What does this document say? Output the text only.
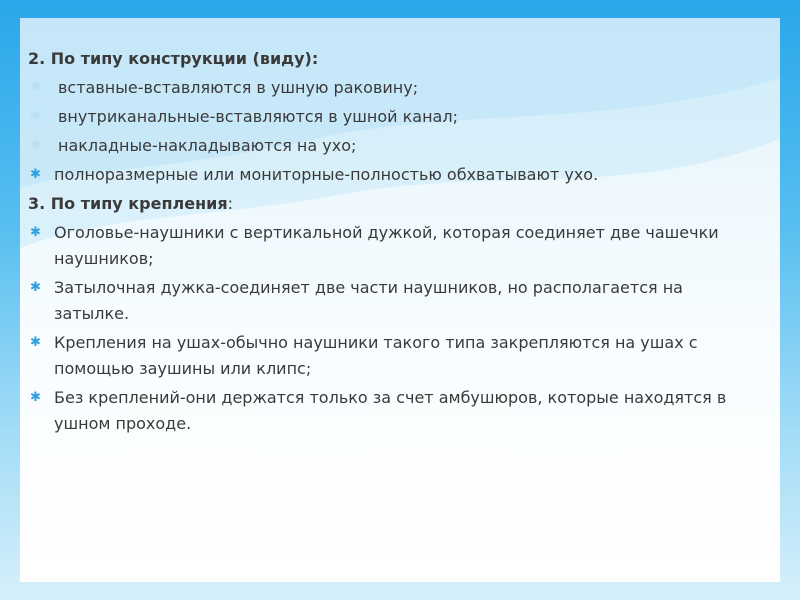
2. По типу конструкции (виду):
✱ вставные-вставляются в ушную раковину;
✱ внутриканальные-вставляются в ушной канал;
✱ накладные-накладываются на ухо;
✱ полноразмерные или мониторные-полностью обхватывают ухо.
3. По типу крепления:
✱ Оголовье-наушники с вертикальной дужкой, которая соединяет две чашечки наушников;
✱ Затылочная дужка-соединяет две части наушников, но располагается на затылке.
✱ Крепления на ушах-обычно наушники такого типа закрепляются на ушах с помощью заушины или клипс;
✱ Без креплений-они держатся только за счет амбушюров, которые находятся в ушном проходе.
